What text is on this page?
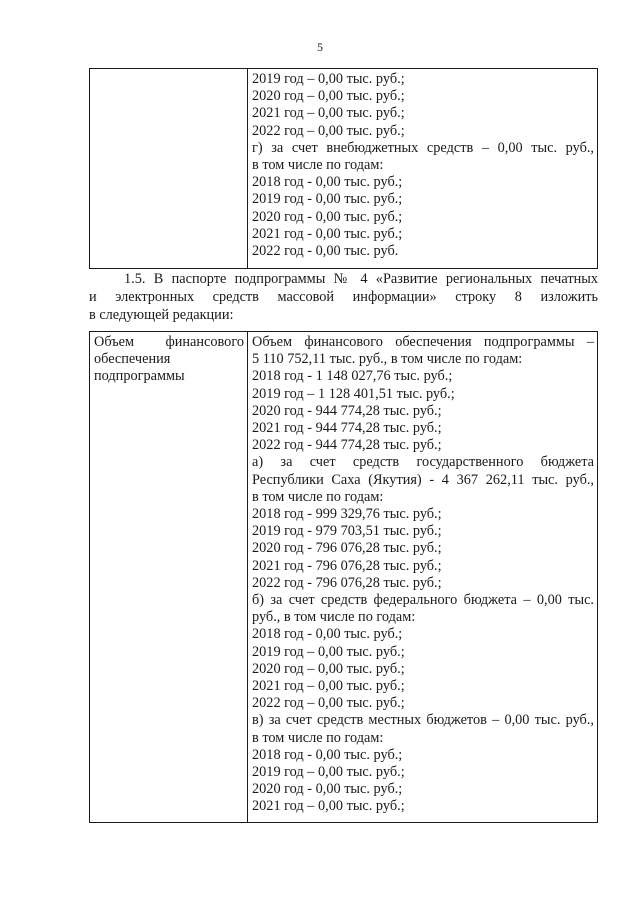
5

2019 год – 0,00 тыс. руб.;
2020 год – 0,00 тыс. руб.;
2021 год – 0,00 тыс. руб.;
2022 год – 0,00 тыс. руб.;
г) за счет внебюджетных средств – 0,00 тыс. руб.,
в том числе по годам:
2018 год - 0,00 тыс. руб.;
2019 год - 0,00 тыс. руб.;
2020 год - 0,00 тыс. руб.;
2021 год - 0,00 тыс. руб.;
2022 год - 0,00 тыс. руб.
1.5. В паспорте подпрограммы № 4 «Развитие региональных печатных
и электронных средств массовой информации» строку 8 изложить
в следующей редакции:
Объем финансового
обеспечения
подпрограммы

Объем финансового обеспечения подпрограммы –
5 110 752,11 тыс. руб., в том числе по годам:
2018 год - 1 148 027,76 тыс. руб.;
2019 год – 1 128 401,51 тыс. руб.;
2020 год - 944 774,28 тыс. руб.;
2021 год - 944 774,28 тыс. руб.;
2022 год - 944 774,28 тыс. руб.;
а) за счет средств государственного бюджета
Республики Саха (Якутия) - 4 367 262,11 тыс. руб.,
в том числе по годам:
2018 год - 999 329,76 тыс. руб.;
2019 год - 979 703,51 тыс. руб.;
2020 год - 796 076,28 тыс. руб.;
2021 год - 796 076,28 тыс. руб.;
2022 год - 796 076,28 тыс. руб.;
б) за счет средств федерального бюджета – 0,00 тыс.
руб., в том числе по годам:
2018 год - 0,00 тыс. руб.;
2019 год – 0,00 тыс. руб.;
2020 год – 0,00 тыс. руб.;
2021 год – 0,00 тыс. руб.;
2022 год – 0,00 тыс. руб.;
в) за счет средств местных бюджетов – 0,00 тыс. руб.,
в том числе по годам:
2018 год - 0,00 тыс. руб.;
2019 год – 0,00 тыс. руб.;
2020 год - 0,00 тыс. руб.;
2021 год – 0,00 тыс. руб.;
